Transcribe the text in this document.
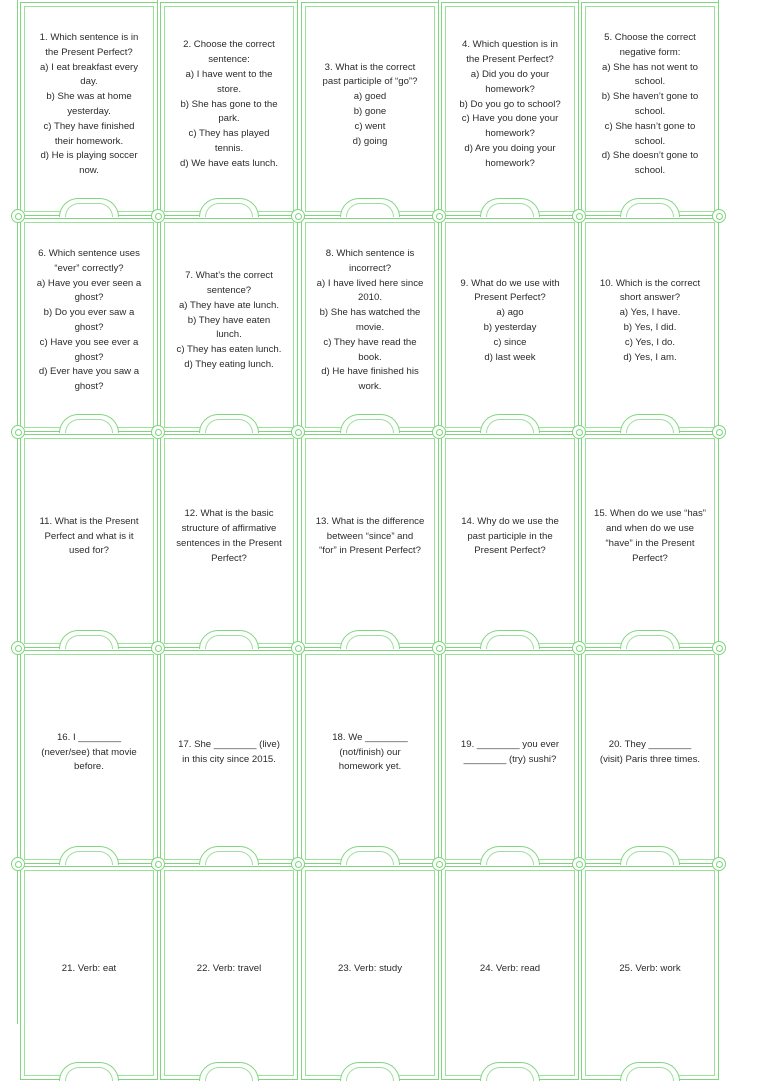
1. Which sentence is in
the Present Perfect?
a) I eat breakfast every
day.
b) She was at home
yesterday.
c) They have finished
their homework.
d) He is playing soccer
now.
2. Choose the correct
sentence:
a) I have went to the
store.
b) She has gone to the
park.
c) They has played
tennis.
d) We have eats lunch.
3. What is the correct
past participle of “go”?
a) goed
b) gone
c) went
d) going
4. Which question is in
the Present Perfect?
a) Did you do your
homework?
b) Do you go to school?
c) Have you done your
homework?
d) Are you doing your
homework?
5. Choose the correct
negative form:
a) She has not went to
school.
b) She haven’t gone to
school.
c) She hasn’t gone to
school.
d) She doesn’t gone to
school.
6. Which sentence uses
“ever” correctly?
a) Have you ever seen a
ghost?
b) Do you ever saw a
ghost?
c) Have you see ever a
ghost?
d) Ever have you saw a
ghost?
7. What’s the correct
sentence?
a) They have ate lunch.
b) They have eaten
lunch.
c) They has eaten lunch.
d) They eating lunch.
8. Which sentence is
incorrect?
a) I have lived here since
2010.
b) She has watched the
movie.
c) They have read the
book.
d) He have finished his
work.
9. What do we use with
Present Perfect?
a) ago
b) yesterday
c) since
d) last week
10. Which is the correct
short answer?
a) Yes, I have.
b) Yes, I did.
c) Yes, I do.
d) Yes, I am.
11. What is the Present
Perfect and what is it
used for?
12. What is the basic
structure of affirmative
sentences in the Present
Perfect?
13. What is the difference
between “since” and
“for” in Present Perfect?
14. Why do we use the
past participle in the
Present Perfect?
15. When do we use “has”
and when do we use
“have” in the Present
Perfect?
16. I ________
(never/see) that movie
before.
17. She ________ (live)
in this city since 2015.
18. We ________
(not/finish) our
homework yet.
19. ________ you ever
________ (try) sushi?
20. They ________
(visit) Paris three times.
21. Verb: eat	22. Verb: travel	23. Verb: study	24. Verb: read	25. Verb: work
